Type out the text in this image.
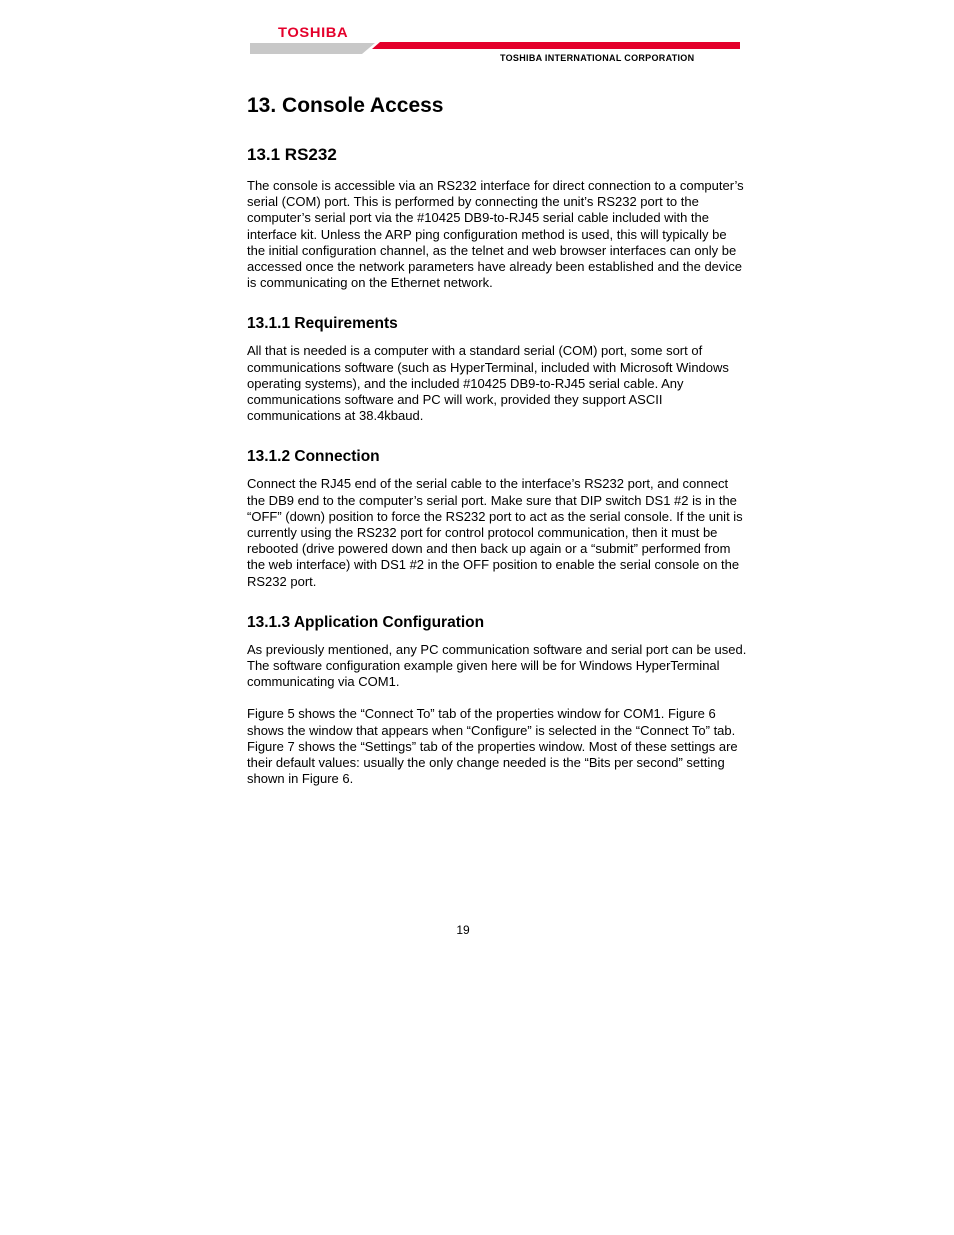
TOSHIBA
TOSHIBA INTERNATIONAL CORPORATION
13. Console Access
13.1 RS232

The console is accessible via an RS232 interface for direct connection to a computer’s serial (COM) port. This is performed by connecting the unit’s RS232 port to the computer’s serial port via the #10425 DB9-to-RJ45 serial cable included with the interface kit. Unless the ARP ping configuration method is used, this will typically be the initial configuration channel, as the telnet and web browser interfaces can only be accessed once the network parameters have already been established and the device is communicating on the Ethernet network.

13.1.1 Requirements

All that is needed is a computer with a standard serial (COM) port, some sort of communications software (such as HyperTerminal, included with Microsoft Windows operating systems), and the included #10425 DB9-to-RJ45 serial cable. Any communications software and PC will work, provided they support ASCII communications at 38.4kbaud.

13.1.2 Connection

Connect the RJ45 end of the serial cable to the interface’s RS232 port, and connect the DB9 end to the computer’s serial port. Make sure that DIP switch DS1 #2 is in the “OFF” (down) position to force the RS232 port to act as the serial console. If the unit is currently using the RS232 port for control protocol communication, then it must be rebooted (drive powered down and then back up again or a “submit” performed from the web interface) with DS1 #2 in the OFF position to enable the serial console on the RS232 port.

13.1.3 Application Configuration

As previously mentioned, any PC communication software and serial port can be used. The software configuration example given here will be for Windows HyperTerminal communicating via COM1.

Figure 5 shows the “Connect To” tab of the properties window for COM1. Figure 6 shows the window that appears when “Configure” is selected in the “Connect To” tab. Figure 7 shows the “Settings” tab of the properties window. Most of these settings are their default values: usually the only change needed is the “Bits per second” setting shown in Figure 6.

19
